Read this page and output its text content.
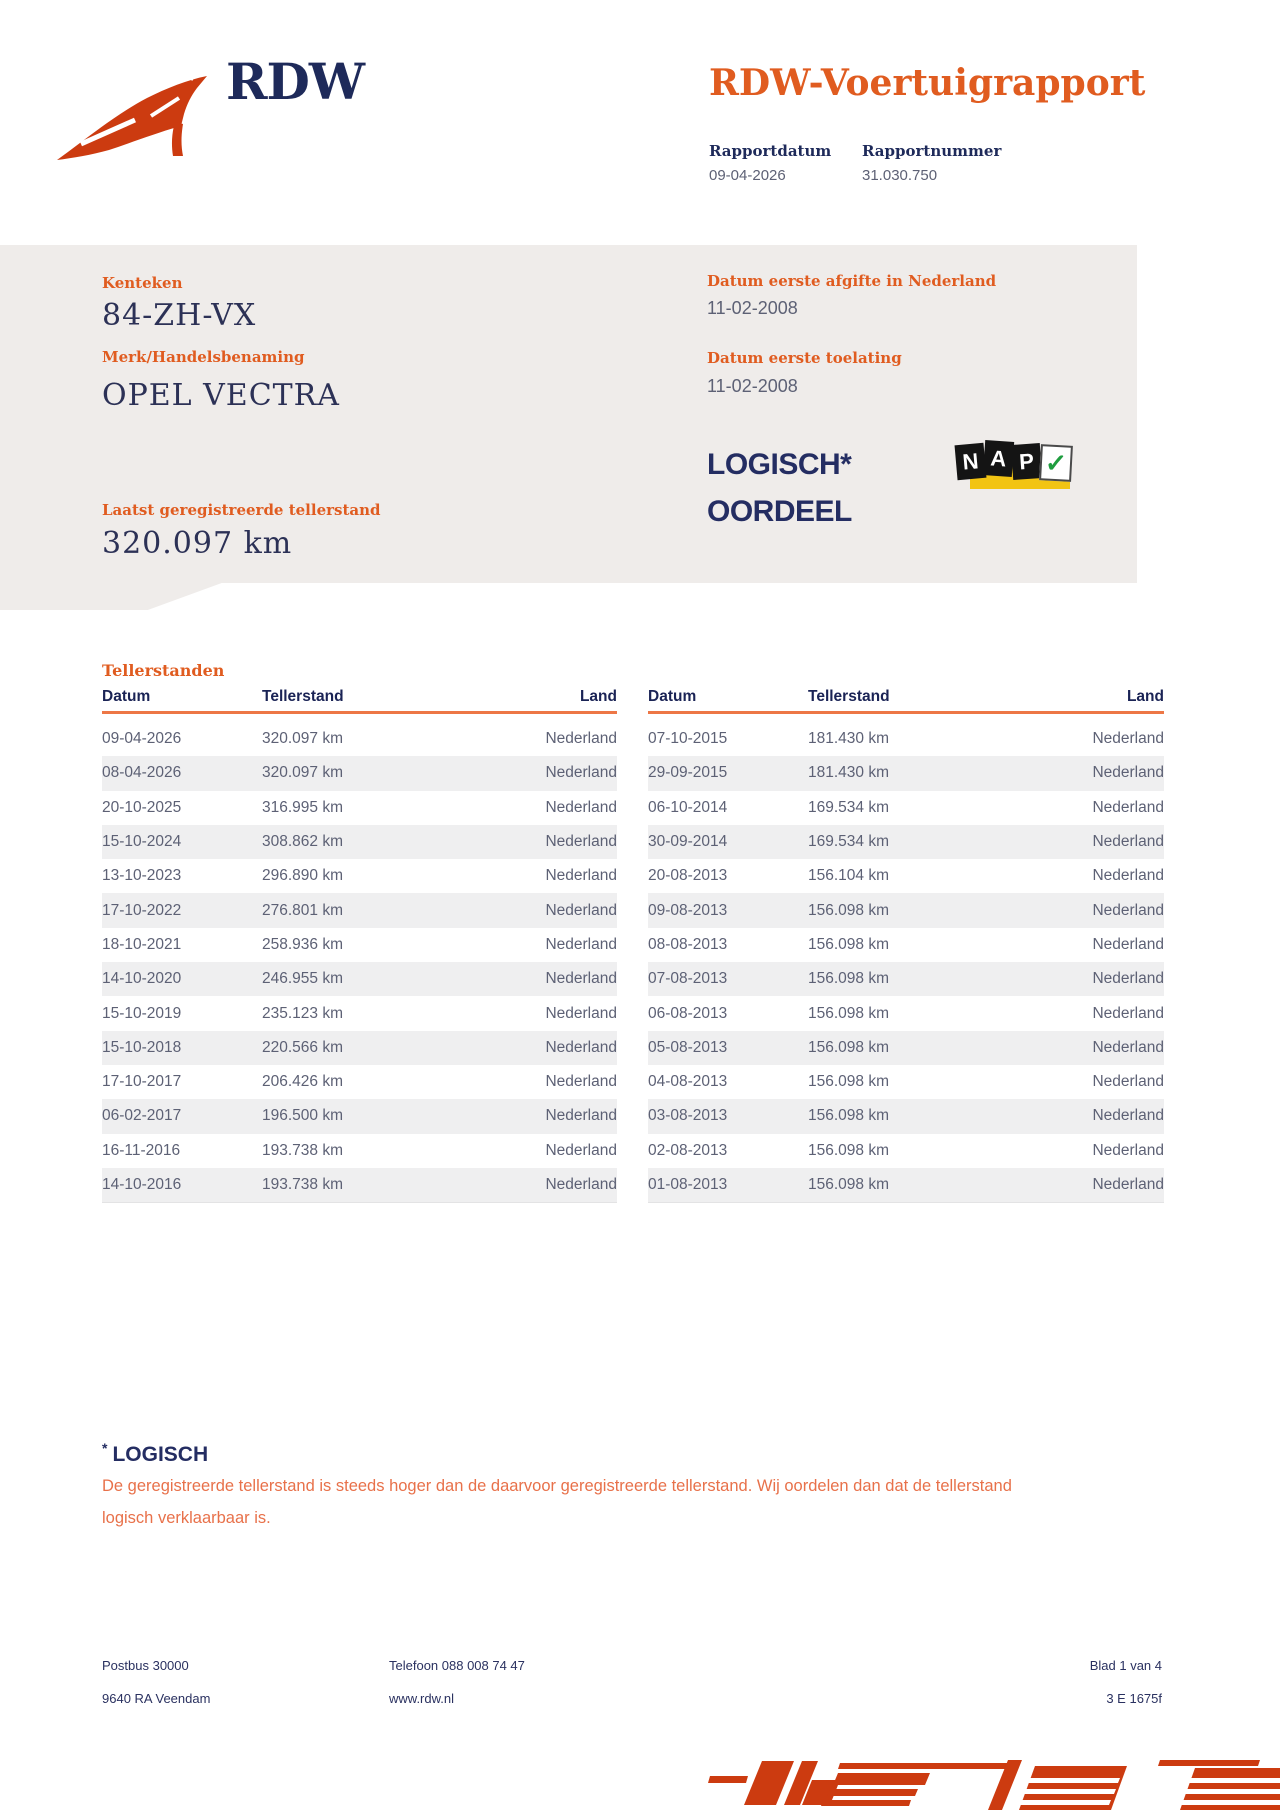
RDW	RDW-Voertuigrapport
Rapportdatum
09-04-2026
Rapportnummer
31.030.750
Kenteken
84-ZH-VX
Merk/Handelsbenaming
OPEL VECTRA
Laatst geregistreerde tellerstand
320.097 km
Datum eerste afgifte in Nederland
11-02-2008
Datum eerste toelating
11-02-2008
LOGISCH*
OORDEEL
N A P ✓
Tellerstanden
Datum	Tellerstand	Land
09-04-2026	320.097 km	Nederland
08-04-2026	320.097 km	Nederland
20-10-2025	316.995 km	Nederland
15-10-2024	308.862 km	Nederland
13-10-2023	296.890 km	Nederland
17-10-2022	276.801 km	Nederland
18-10-2021	258.936 km	Nederland
14-10-2020	246.955 km	Nederland
15-10-2019	235.123 km	Nederland
15-10-2018	220.566 km	Nederland
17-10-2017	206.426 km	Nederland
06-02-2017	196.500 km	Nederland
16-11-2016	193.738 km	Nederland
14-10-2016	193.738 km	Nederland
Datum	Tellerstand	Land
07-10-2015	181.430 km	Nederland
29-09-2015	181.430 km	Nederland
06-10-2014	169.534 km	Nederland
30-09-2014	169.534 km	Nederland
20-08-2013	156.104 km	Nederland
09-08-2013	156.098 km	Nederland
08-08-2013	156.098 km	Nederland
07-08-2013	156.098 km	Nederland
06-08-2013	156.098 km	Nederland
05-08-2013	156.098 km	Nederland
04-08-2013	156.098 km	Nederland
03-08-2013	156.098 km	Nederland
02-08-2013	156.098 km	Nederland
01-08-2013	156.098 km	Nederland
* LOGISCH
De geregistreerde tellerstand is steeds hoger dan de daarvoor geregistreerde tellerstand. Wij oordelen dan dat de tellerstand logisch verklaarbaar is.
Postbus 30000
9640 RA Veendam
Telefoon 088 008 74 47
www.rdw.nl
Blad 1 van 4
3 E 1675f
